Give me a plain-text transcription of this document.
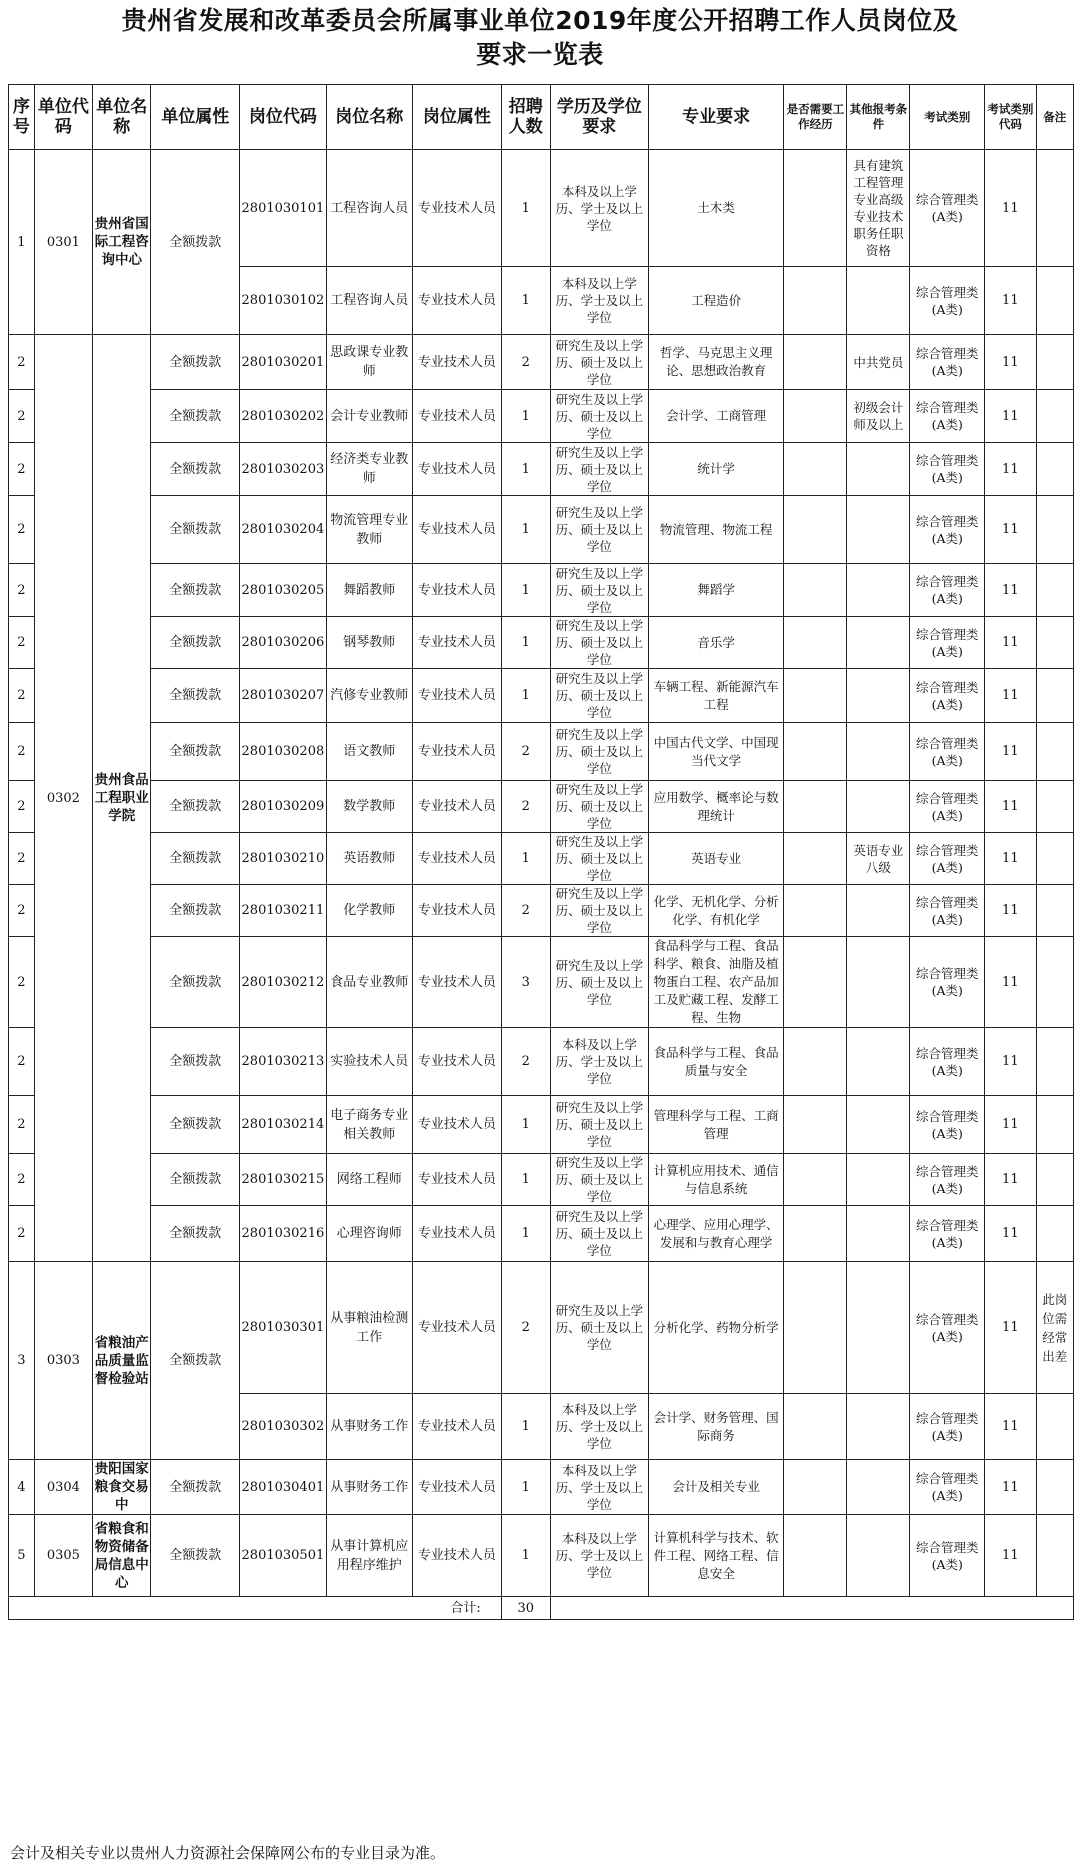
贵州省发展和改革委员会所属事业单位2019年度公开招聘工作人员岗位及
要求一览表
序号	单位代码	单位名称	单位属性	岗位代码	岗位名称	岗位属性	招聘人数	学历及学位要求	专业要求	是否需要工作经历	其他报考条件	考试类别	考试类别代码	备注
1	0301	贵州省国际工程咨询中心	全额拨款	2801030101	工程咨询人员	专业技术人员	1	本科及以上学历、学士及以上学位	土木类		具有建筑工程管理专业高级专业技术职务任职资格	综合管理类(A类)	11	
				2801030102	工程咨询人员	专业技术人员	1	本科及以上学历、学士及以上学位	工程造价			综合管理类(A类)	11	
2	0302	贵州食品工程职业学院	全额拨款	2801030201	思政课专业教师	专业技术人员	2	研究生及以上学历、硕士及以上学位	哲学、马克思主义理论、思想政治教育		中共党员	综合管理类(A类)	11	
2			全额拨款	2801030202	会计专业教师	专业技术人员	1	研究生及以上学历、硕士及以上学位	会计学、工商管理		初级会计师及以上	综合管理类(A类)	11	
2			全额拨款	2801030203	经济类专业教师	专业技术人员	1	研究生及以上学历、硕士及以上学位	统计学			综合管理类(A类)	11	
2			全额拨款	2801030204	物流管理专业教师	专业技术人员	1	研究生及以上学历、硕士及以上学位	物流管理、物流工程			综合管理类(A类)	11	
2			全额拨款	2801030205	舞蹈教师	专业技术人员	1	研究生及以上学历、硕士及以上学位	舞蹈学			综合管理类(A类)	11	
2			全额拨款	2801030206	钢琴教师	专业技术人员	1	研究生及以上学历、硕士及以上学位	音乐学			综合管理类(A类)	11	
2			全额拨款	2801030207	汽修专业教师	专业技术人员	1	研究生及以上学历、硕士及以上学位	车辆工程、新能源汽车工程			综合管理类(A类)	11	
2			全额拨款	2801030208	语文教师	专业技术人员	2	研究生及以上学历、硕士及以上学位	中国古代文学、中国现当代文学			综合管理类(A类)	11	
2			全额拨款	2801030209	数学教师	专业技术人员	2	研究生及以上学历、硕士及以上学位	应用数学、概率论与数理统计			综合管理类(A类)	11	
2			全额拨款	2801030210	英语教师	专业技术人员	1	研究生及以上学历、硕士及以上学位	英语专业		英语专业八级	综合管理类(A类)	11	
2			全额拨款	2801030211	化学教师	专业技术人员	2	研究生及以上学历、硕士及以上学位	化学、无机化学、分析化学、有机化学			综合管理类(A类)	11	
2			全额拨款	2801030212	食品专业教师	专业技术人员	3	研究生及以上学历、硕士及以上学位	食品科学与工程、食品科学、粮食、油脂及植物蛋白工程、农产品加工及贮藏工程、发酵工程、生物			综合管理类(A类)	11	
2			全额拨款	2801030213	实验技术人员	专业技术人员	2	本科及以上学历、学士及以上学位	食品科学与工程、食品质量与安全			综合管理类(A类)	11	
2			全额拨款	2801030214	电子商务专业相关教师	专业技术人员	1	研究生及以上学历、硕士及以上学位	管理科学与工程、工商管理			综合管理类(A类)	11	
2			全额拨款	2801030215	网络工程师	专业技术人员	1	研究生及以上学历、硕士及以上学位	计算机应用技术、通信与信息系统			综合管理类(A类)	11	
2			全额拨款	2801030216	心理咨询师	专业技术人员	1	研究生及以上学历、硕士及以上学位	心理学、应用心理学、发展和与教育心理学			综合管理类(A类)	11	
3	0303	省粮油产品质量监督检验站	全额拨款	2801030301	从事粮油检测工作	专业技术人员	2	研究生及以上学历、硕士及以上学位	分析化学、药物分析学			综合管理类(A类)	11	此岗位需经常出差
				2801030302	从事财务工作	专业技术人员	1	本科及以上学历、学士及以上学位	会计学、财务管理、国际商务			综合管理类(A类)	11	
4	0304	贵阳国家粮食交易中	全额拨款	2801030401	从事财务工作	专业技术人员	1	本科及以上学历、学士及以上学位	会计及相关专业			综合管理类(A类)	11	
5	0305	省粮食和物资储备局信息中心	全额拨款	2801030501	从事计算机应用程序维护	专业技术人员	1	本科及以上学历、学士及以上学位	计算机科学与技术、软件工程、网络工程、信息安全			综合管理类(A类)	11	
合计:							30							
会计及相关专业以贵州人力资源社会保障网公布的专业目录为准。
